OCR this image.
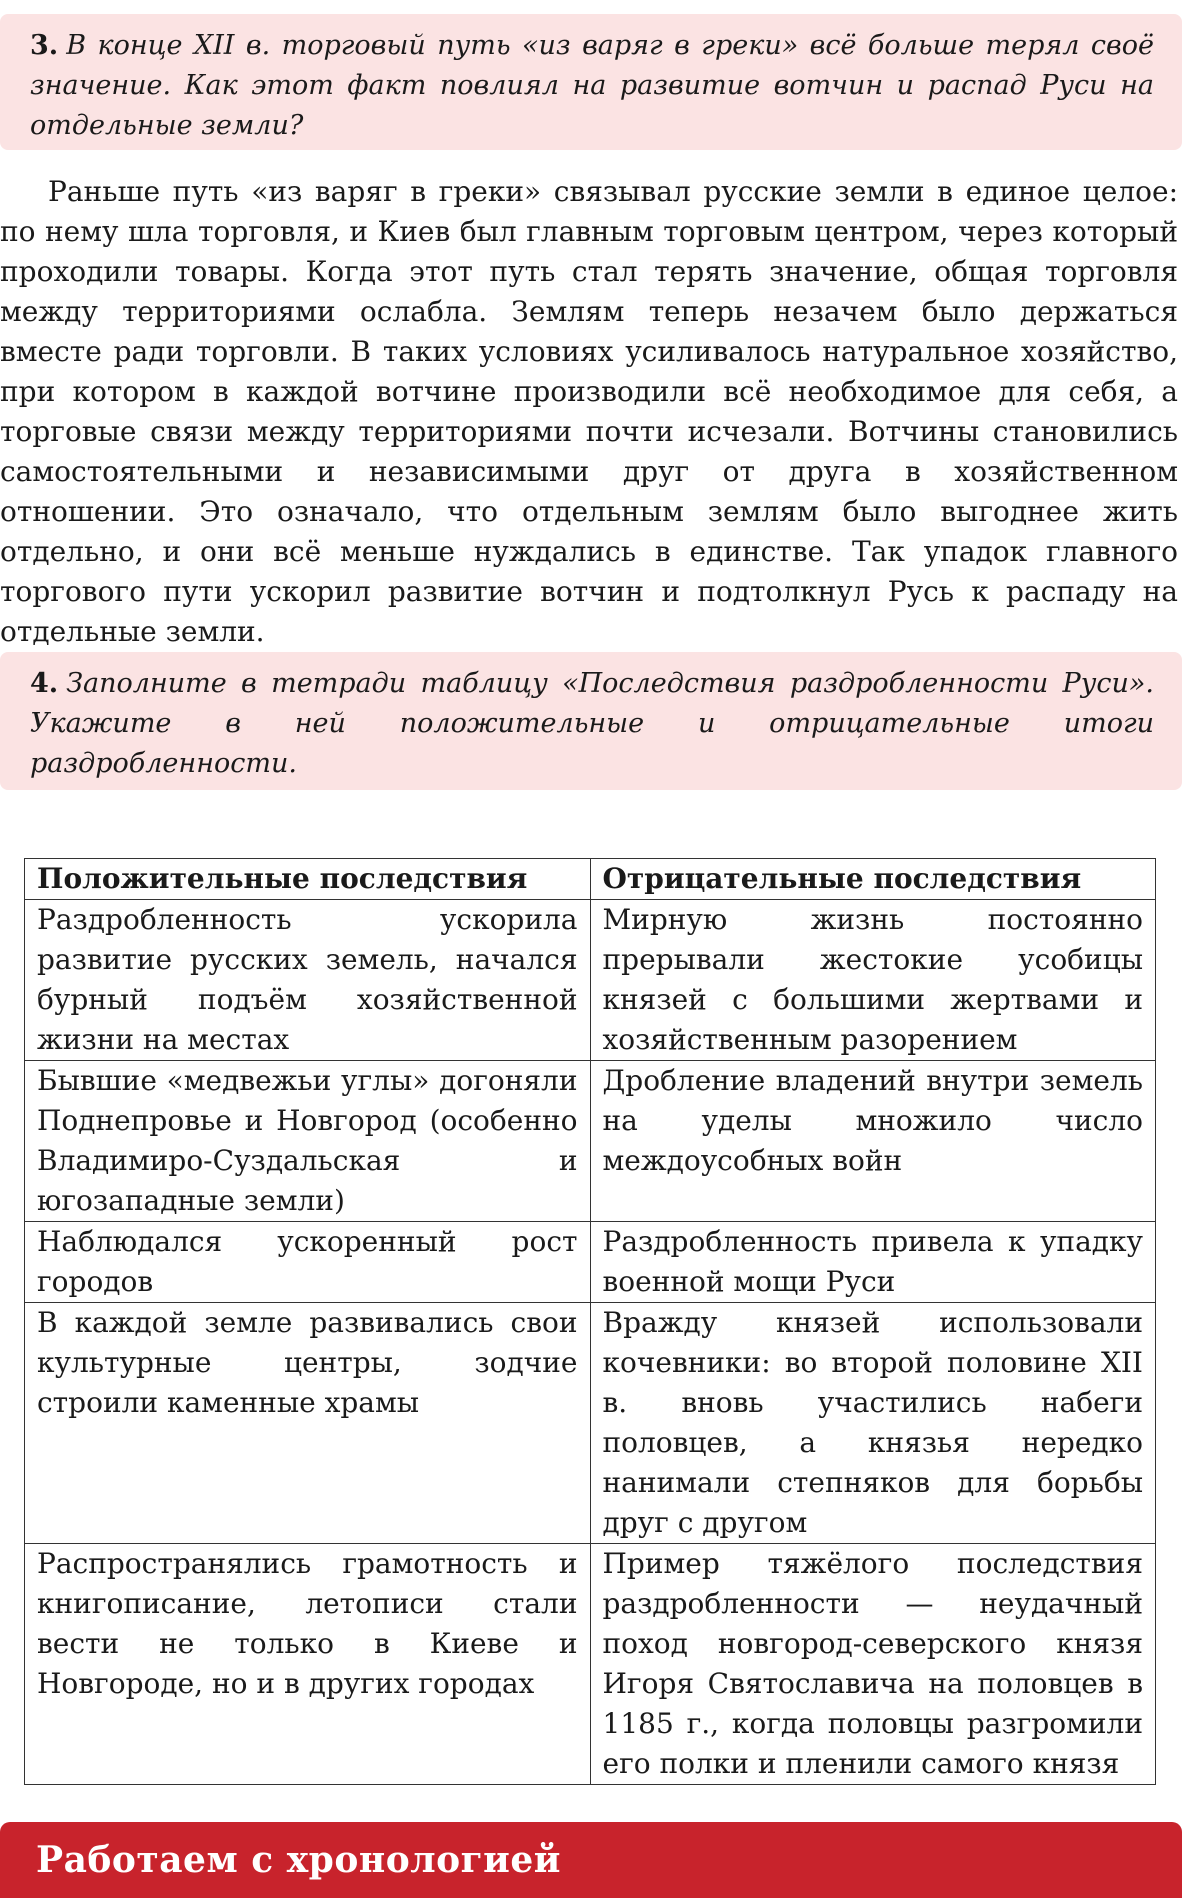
3. В конце XII в. торговый путь «из варяг в греки» всё больше терял своё значение. Как этот факт повлиял на развитие вотчин и распад Руси на отдельные земли?
Раньше путь «из варяг в греки» связывал русские земли в единое целое: по нему шла торговля, и Киев был главным торговым центром, через который проходили товары. Когда этот путь стал терять значение, общая торговля между территориями ослабла. Землям теперь незачем было держаться вместе ради торговли. В таких условиях усиливалось натуральное хозяйство, при котором в каждой вотчине производили всё необходимое для себя, а торговые связи между территориями почти исчезали. Вотчины становились самостоятельными и независимыми друг от друга в хозяйственном отношении. Это означало, что отдельным землям было выгоднее жить отдельно, и они всё меньше нуждались в единстве. Так упадок главного торгового пути ускорил развитие вотчин и подтолкнул Русь к распаду на отдельные земли.
4. Заполните в тетради таблицу «Последствия раздробленности Руси». Укажите в ней положительные и отрицательные итоги раздробленности.
Положительные последствия	Отрицательные последствия
Раздробленность ускорила развитие русских земель, начался бурный подъём хозяйственной жизни на местах	Мирную жизнь постоянно прерывали жестокие усобицы князей с большими жертвами и хозяйственным разорением
Бывшие «медвежьи углы» догоняли Поднепровье и Новгород (особенно Владимиро-Суздальская и югозападные земли)	Дробление владений внутри земель на уделы множило число междоусобных войн
Наблюдался ускоренный рост городов	Раздробленность привела к упадку военной мощи Руси
В каждой земле развивались свои культурные центры, зодчие строили каменные храмы	Вражду князей использовали кочевники: во второй половине XII в. вновь участились набеги половцев, а князья нередко нанимали степняков для борьбы друг с другом
Распространялись грамотность и книгописание, летописи стали вести не только в Киеве и Новгороде, но и в других городах	Пример тяжёлого последствия раздробленности — неудачный поход новгород-северского князя Игоря Святославича на половцев в 1185 г., когда половцы разгромили его полки и пленили самого князя
Работаем с хронологией
